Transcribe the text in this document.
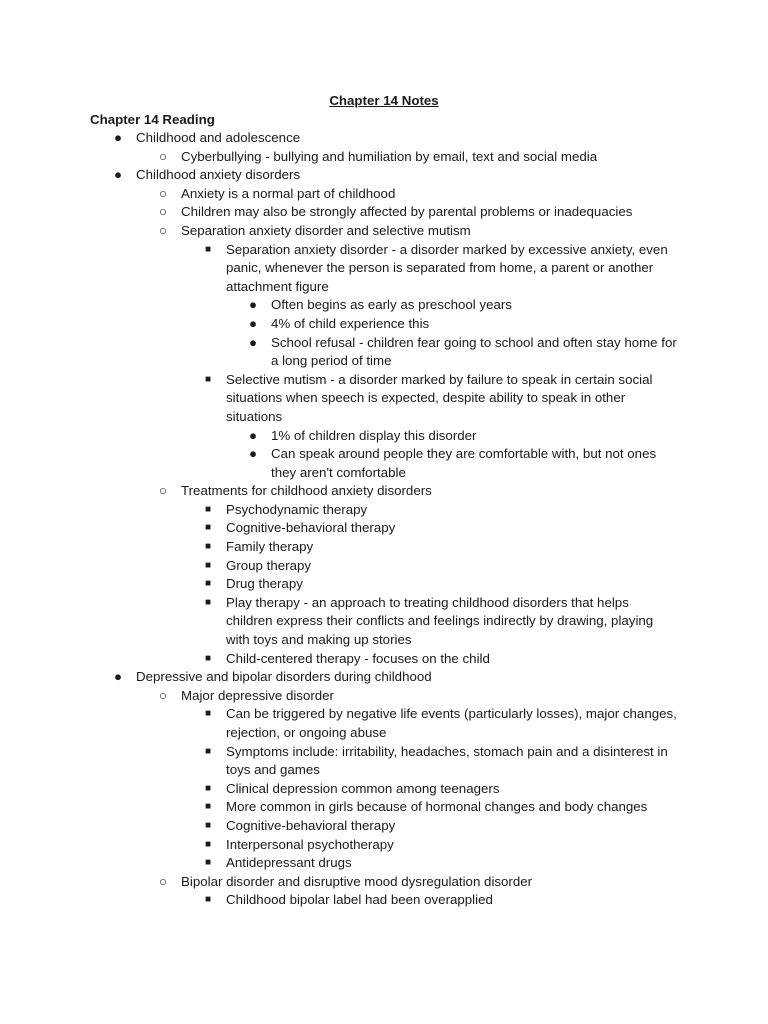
Chapter 14 Notes
Chapter 14 Reading
● Childhood and adolescence
○ Cyberbullying - bullying and humiliation by email, text and social media
● Childhood anxiety disorders
○ Anxiety is a normal part of childhood
○ Children may also be strongly affected by parental problems or inadequacies
○ Separation anxiety disorder and selective mutism
■	Separation anxiety disorder - a disorder marked by excessive anxiety, even panic, whenever the person is separated from home, a parent or another attachment figure
● Often begins as early as preschool years
● 4% of child experience this
● School refusal - children fear going to school and often stay home for a long period of time
■	Selective mutism - a disorder marked by failure to speak in certain social situations when speech is expected, despite ability to speak in other situations
● 1% of children display this disorder
● Can speak around people they are comfortable with, but not ones they aren't comfortable
○ Treatments for childhood anxiety disorders
■	Psychodynamic therapy
■	Cognitive-behavioral therapy
■	Family therapy
■	Group therapy
■	Drug therapy
■	Play therapy - an approach to treating childhood disorders that helps children express their conflicts and feelings indirectly by drawing, playing with toys and making up stories
■	Child-centered therapy - focuses on the child
● Depressive and bipolar disorders during childhood
○ Major depressive disorder
■	Can be triggered by negative life events (particularly losses), major changes, rejection, or ongoing abuse
■	Symptoms include: irritability, headaches, stomach pain and a disinterest in toys and games
■	Clinical depression common among teenagers
■	More common in girls because of hormonal changes and body changes
■	Cognitive-behavioral therapy
■	Interpersonal psychotherapy
■	Antidepressant drugs
○ Bipolar disorder and disruptive mood dysregulation disorder
■	Childhood bipolar label had been overapplied
